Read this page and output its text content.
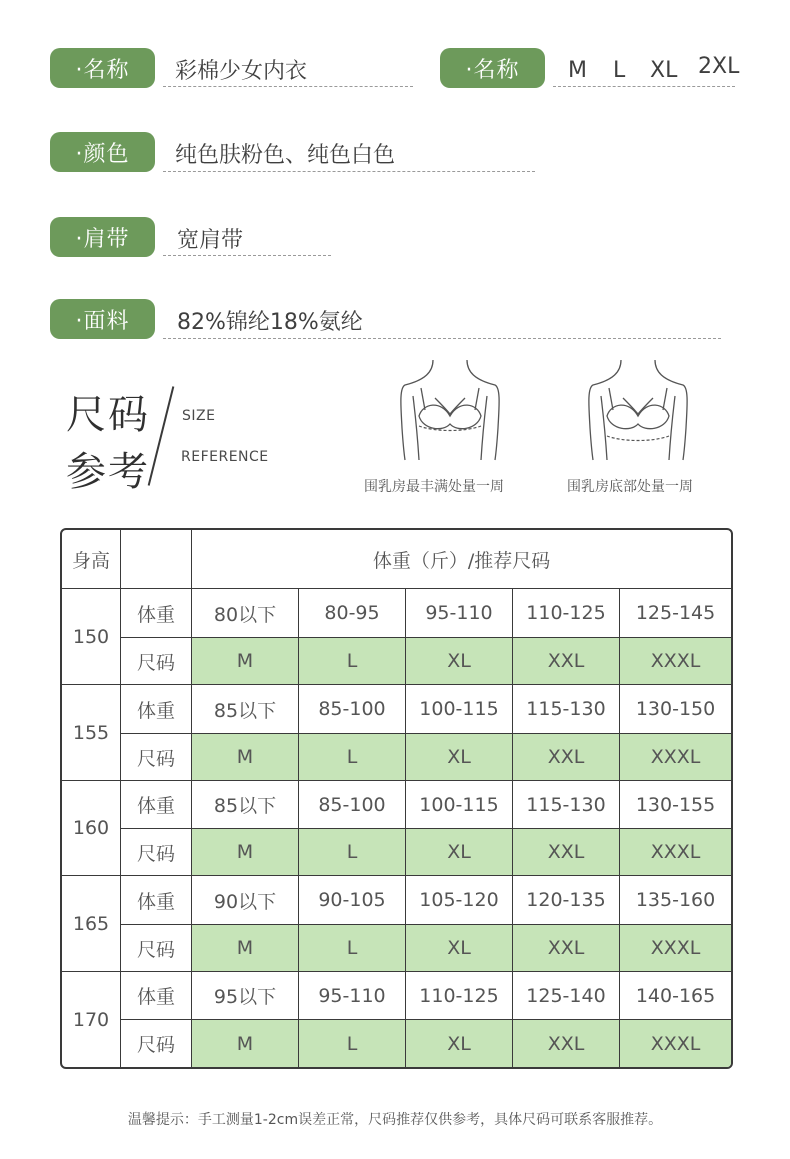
·名称	彩棉少女内衣	·名称	M L XL 2XL
·颜色	纯色肤粉色、纯色白色
·肩带	宽肩带
·面料	82%锦纶18%氨纶
尺码
参考
SIZE
REFERENCE
围乳房最丰满处量一周	围乳房底部处量一周
身高		体重（斤）/推荐尺码				
150	体重	80以下	80-95	95-110	110-125	125-145
	尺码	M	L	XL	XXL	XXXL
155	体重	85以下	85-100	100-115	115-130	130-150
	尺码	M	L	XL	XXL	XXXL
160	体重	85以下	85-100	100-115	115-130	130-155
	尺码	M	L	XL	XXL	XXXL
165	体重	90以下	90-105	105-120	120-135	135-160
	尺码	M	L	XL	XXL	XXXL
170	体重	95以下	95-110	110-125	125-140	140-165
	尺码	M	L	XL	XXL	XXXL
温馨提示：手工测量1-2cm误差正常，尺码推荐仅供参考，具体尺码可联系客服推荐。
